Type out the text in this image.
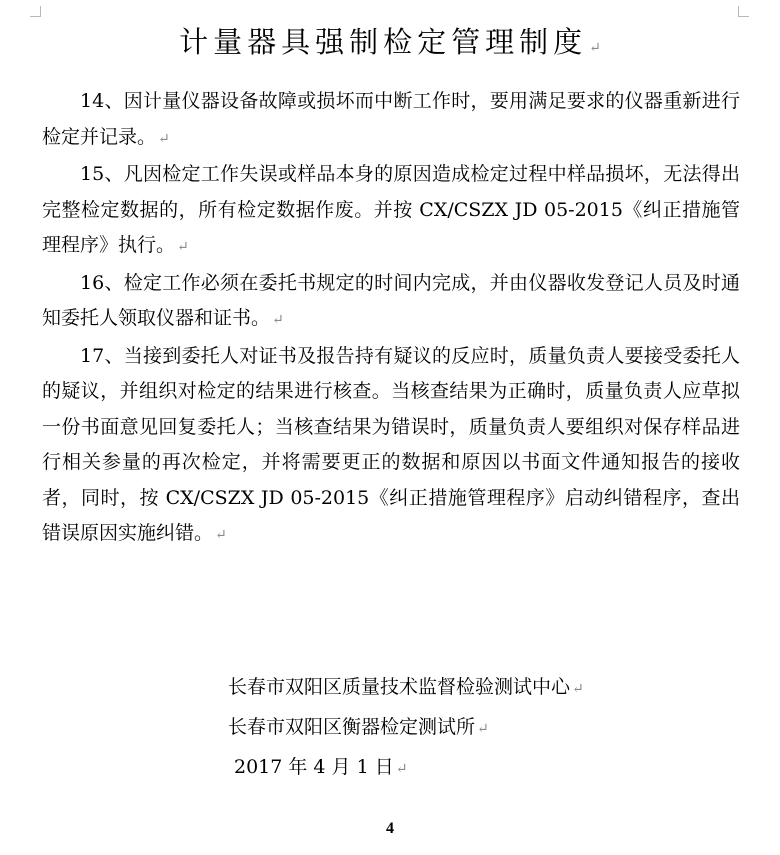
计量器具强制检定管理制度 ↵

14、因计量仪器设备故障或损坏而中断工作时，要用满足要求的仪器重新进行检定并记录。 ↵

15、凡因检定工作失误或样品本身的原因造成检定过程中样品损坏，无法得出完整检定数据的，所有检定数据作废。并按 CX/CSZX JD 05-2015《纠正措施管理程序》执行。 ↵

16、检定工作必须在委托书规定的时间内完成，并由仪器收发登记人员及时通知委托人领取仪器和证书。 ↵

17、当接到委托人对证书及报告持有疑议的反应时，质量负责人要接受委托人的疑议，并组织对检定的结果进行核查。当核查结果为正确时，质量负责人应草拟一份书面意见回复委托人；当核查结果为错误时，质量负责人要组织对保存样品进行相关参量的再次检定，并将需要更正的数据和原因以书面文件通知报告的接收者，同时，按 CX/CSZX JD 05-2015《纠正措施管理程序》启动纠错程序，查出错误原因实施纠错。 ↵

长春市双阳区质量技术监督检验测试中心 ↵

长春市双阳区衡器检定测试所 ↵

2017 年 4 月 1 日 ↵

4
